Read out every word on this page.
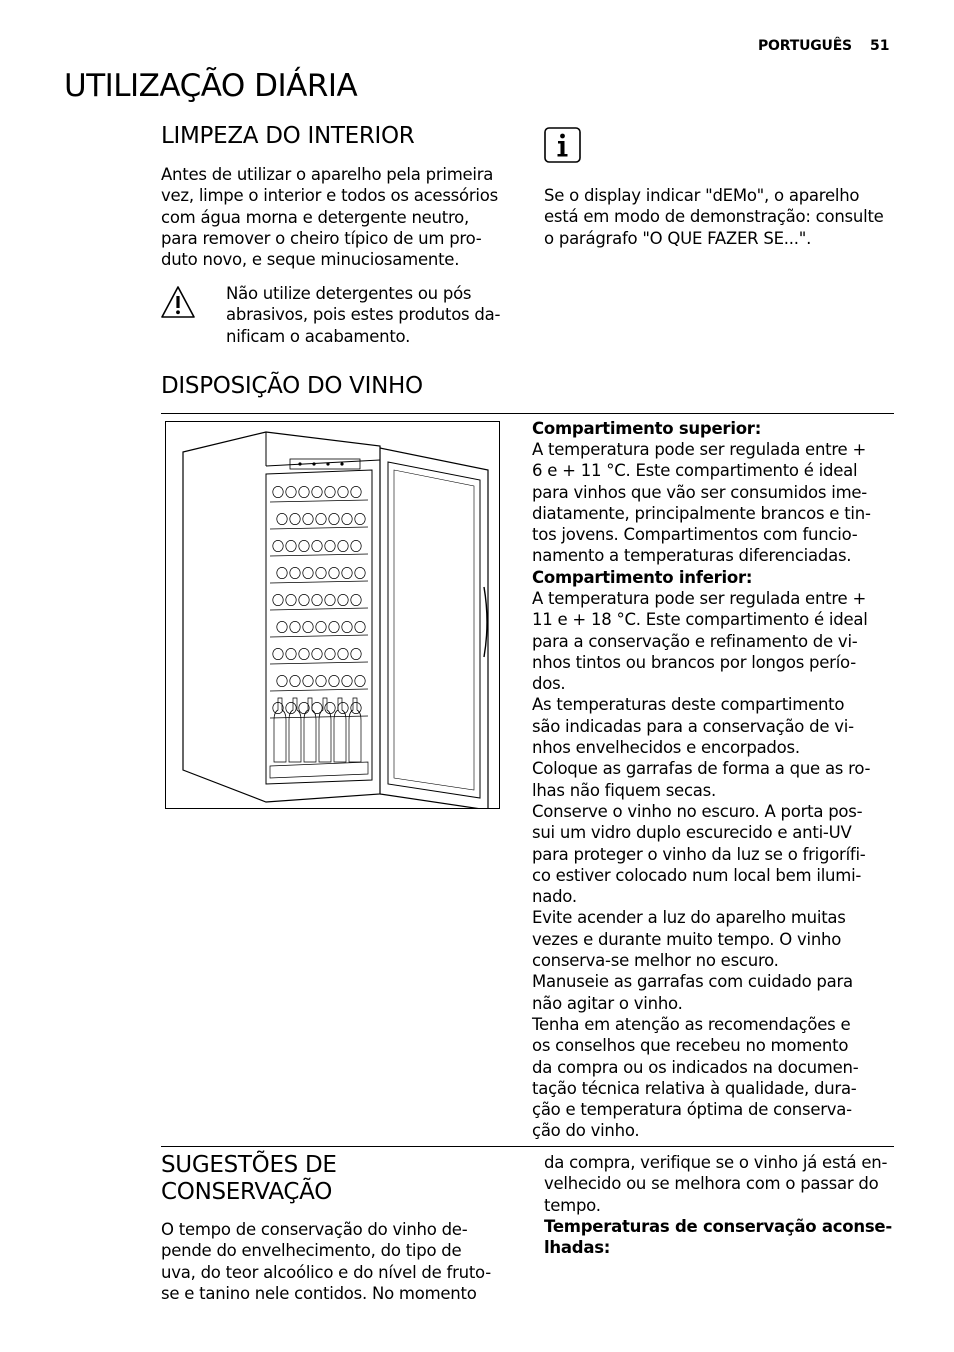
PORTUGUÊS 51
UTILIZAÇÃO DIÁRIA
LIMPEZA DO INTERIOR
Antes de utilizar o aparelho pela primeira
vez, limpe o interior e todos os acessórios
com água morna e detergente neutro,
para remover o cheiro típico de um pro-
duto novo, e seque minuciosamente.
Não utilize detergentes ou pós
abrasivos, pois estes produtos da-
nificam o acabamento.
Se o display indicar "dEMo", o aparelho
está em modo de demonstração: consulte
o parágrafo "O QUE FAZER SE...".
DISPOSIÇÃO DO VINHO
Compartimento superior:
A temperatura pode ser regulada entre +
6 e + 11 °C. Este compartimento é ideal
para vinhos que vão ser consumidos ime-
diatamente, principalmente brancos e tin-
tos jovens. Compartimentos com funcio-
namento a temperaturas diferenciadas.
Compartimento inferior:
A temperatura pode ser regulada entre +
11 e + 18 °C. Este compartimento é ideal
para a conservação e refinamento de vi-
nhos tintos ou brancos por longos perío-
dos.
As temperaturas deste compartimento
são indicadas para a conservação de vi-
nhos envelhecidos e encorpados.
Coloque as garrafas de forma a que as ro-
lhas não fiquem secas.
Conserve o vinho no escuro. A porta pos-
sui um vidro duplo escurecido e anti-UV
para proteger o vinho da luz se o frigorífi-
co estiver colocado num local bem ilumi-
nado.
Evite acender a luz do aparelho muitas
vezes e durante muito tempo. O vinho
conserva-se melhor no escuro.
Manuseie as garrafas com cuidado para
não agitar o vinho.
Tenha em atenção as recomendações e
os conselhos que recebeu no momento
da compra ou os indicados na documen-
tação técnica relativa à qualidade, dura-
ção e temperatura óptima de conserva-
ção do vinho.
SUGESTÕES DE
CONSERVAÇÃO
O tempo de conservação do vinho de-
pende do envelhecimento, do tipo de
uva, do teor alcoólico e do nível de fruto-
se e tanino nele contidos. No momento
da compra, verifique se o vinho já está en-
velhecido ou se melhora com o passar do
tempo.
Temperaturas de conservação aconse-
lhadas:
